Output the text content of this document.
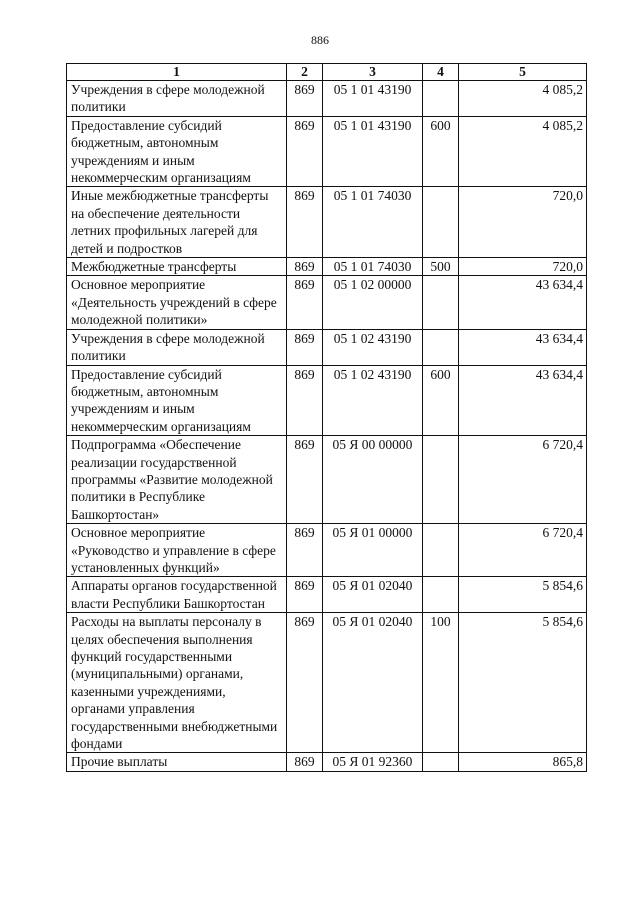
886
1	2	3	4	5
Учреждения в сфере молодежной политики	869	05 1 01 43190		4 085,2
Предоставление субсидий бюджетным, автономным учреждениям и иным некоммерческим организациям	869	05 1 01 43190	600	4 085,2
Иные межбюджетные трансферты на обеспечение деятельности летних профильных лагерей для детей и подростков	869	05 1 01 74030		720,0
Межбюджетные трансферты	869	05 1 01 74030	500	720,0
Основное мероприятие «Деятельность учреждений в сфере молодежной политики»	869	05 1 02 00000		43 634,4
Учреждения в сфере молодежной политики	869	05 1 02 43190		43 634,4
Предоставление субсидий бюджетным, автономным учреждениям и иным некоммерческим организациям	869	05 1 02 43190	600	43 634,4
Подпрограмма «Обеспечение реализации государственной программы «Развитие молодежной политики в Республике Башкортостан»	869	05 Я 00 00000		6 720,4
Основное мероприятие «Руководство и управление в сфере установленных функций»	869	05 Я 01 00000		6 720,4
Аппараты органов государственной власти Республики Башкортостан	869	05 Я 01 02040		5 854,6
Расходы на выплаты персоналу в целях обеспечения выполнения функций государственными (муниципальными) органами, казенными учреждениями, органами управления государственными внебюджетными фондами	869	05 Я 01 02040	100	5 854,6
Прочие выплаты	869	05 Я 01 92360		865,8
